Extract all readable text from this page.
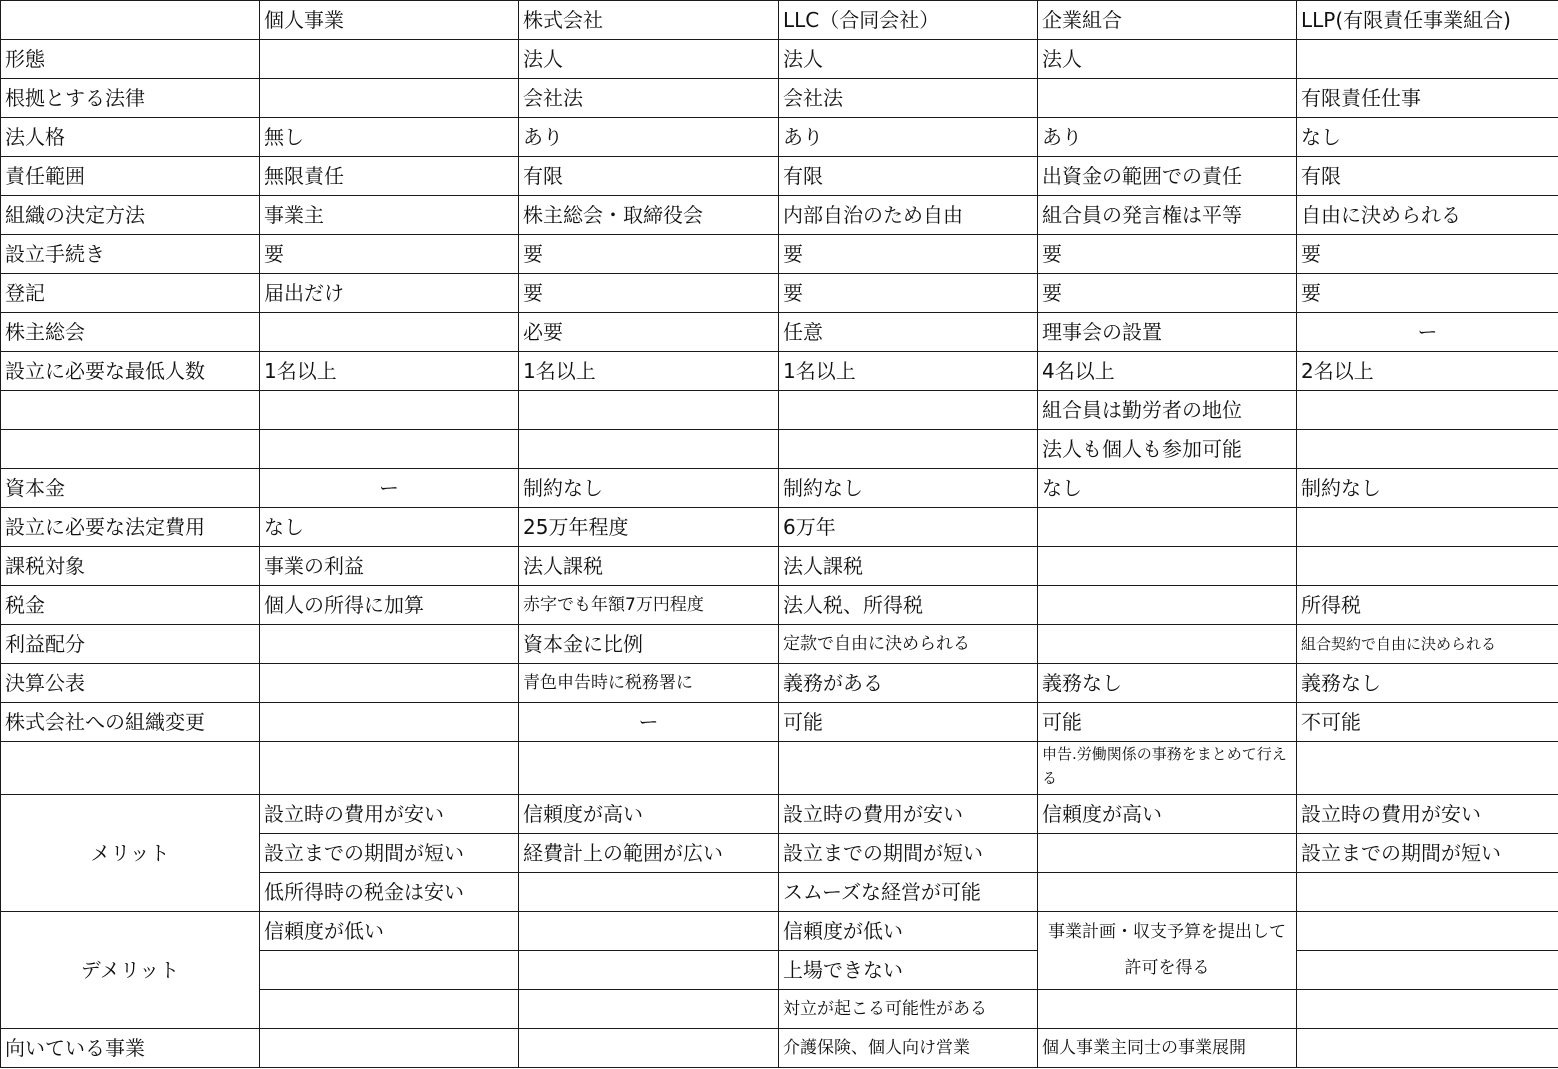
	個人事業	株式会社	LLC（合同会社）	企業組合	LLP(有限責任事業組合)
形態		法人	法人	法人	
根拠とする法律		会社法	会社法		有限責任仕事
法人格	無し	あり	あり	あり	なし
責任範囲	無限責任	有限	有限	出資金の範囲での責任	有限
組織の決定方法	事業主	株主総会・取締役会	内部自治のため自由	組合員の発言権は平等	自由に決められる
設立手続き	要	要	要	要	要
登記	届出だけ	要	要	要	要
株主総会		必要	任意	理事会の設置	ー
設立に必要な最低人数	1名以上	1名以上	1名以上	4名以上	2名以上
				組合員は勤労者の地位	
				法人も個人も参加可能	
資本金	ー	制約なし	制約なし	なし	制約なし
設立に必要な法定費用	なし	25万年程度	6万年		
課税対象	事業の利益	法人課税	法人課税		
税金	個人の所得に加算	赤字でも年額7万円程度	法人税、所得税		所得税
利益配分		資本金に比例	定款で自由に決められる		組合契約で自由に決められる
決算公表		青色申告時に税務署に	義務がある	義務なし	義務なし
株式会社への組織変更		ー	可能	可能	不可能
				申告.労働関係の事務をまとめて行える	
メリット	設立時の費用が安い	信頼度が高い	設立時の費用が安い	信頼度が高い	設立時の費用が安い
	設立までの期間が短い	経費計上の範囲が広い	設立までの期間が短い		設立までの期間が短い
	低所得時の税金は安い		スムーズな経営が可能		
デメリット	信頼度が低い		信頼度が低い	事業計画・収支予算を提出して許可を得る	
			上場できない		
			対立が起こる可能性がある		
向いている事業			介護保険、個人向け営業	個人事業主同士の事業展開	
